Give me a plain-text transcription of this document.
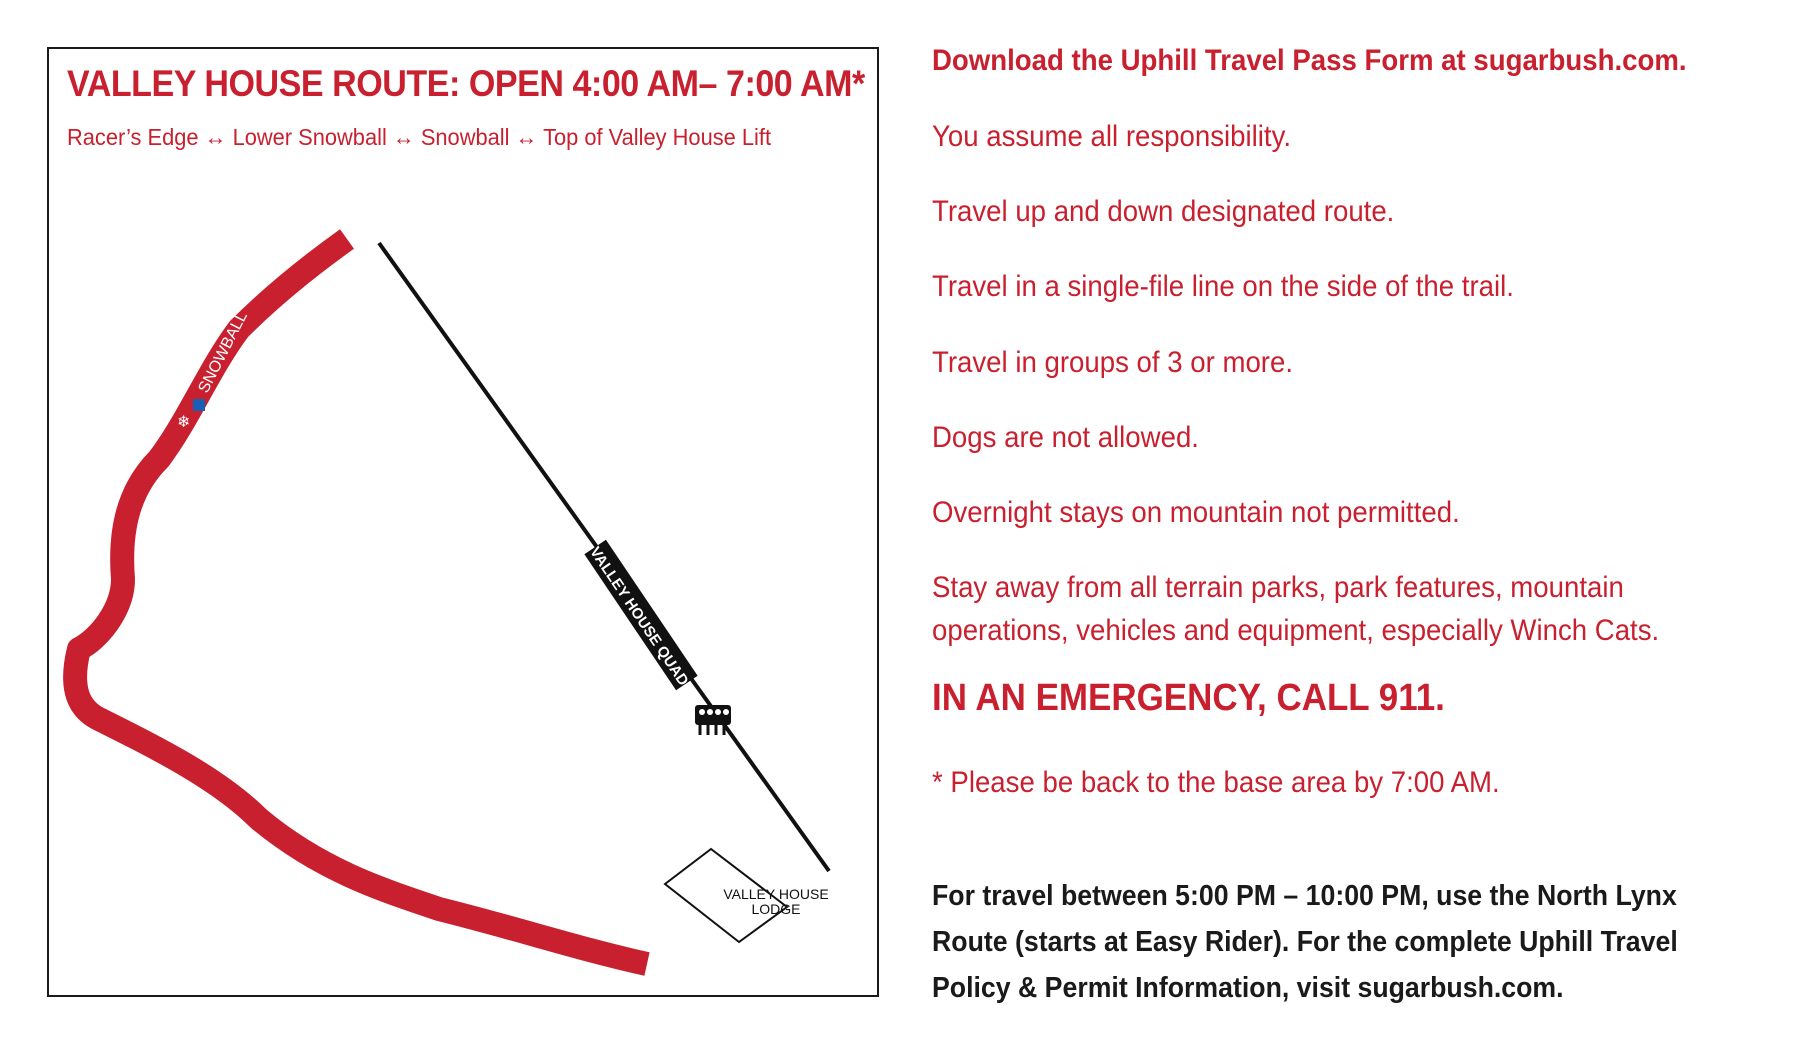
VALLEY HOUSE QUAD
SNOWBALL
❄
LOWER SNOWBALL
RACER’S EDGE
VALLEY HOUSE
LODGE
VALLEY HOUSE ROUTE: OPEN 4:00 AM– 7:00 AM*
Racer’s Edge ↔ Lower Snowball ↔ Snowball ↔ Top of Valley House Lift

Download the Uphill Travel Pass Form at sugarbush.com.

You assume all responsibility.

Travel up and down designated route.

Travel in a single-file line on the side of the trail.

Travel in groups of 3 or more.

Dogs are not allowed.

Overnight stays on mountain not permitted.

Stay away from all terrain parks, park features, mountain

operations, vehicles and equipment, especially Winch Cats.

IN AN EMERGENCY, CALL 911.

* Please be back to the base area by 7:00 AM.

For travel between 5:00 PM – 10:00 PM, use the North Lynx
Route (starts at Easy Rider). For the complete Uphill Travel
Policy & Permit Information, visit sugarbush.com.
